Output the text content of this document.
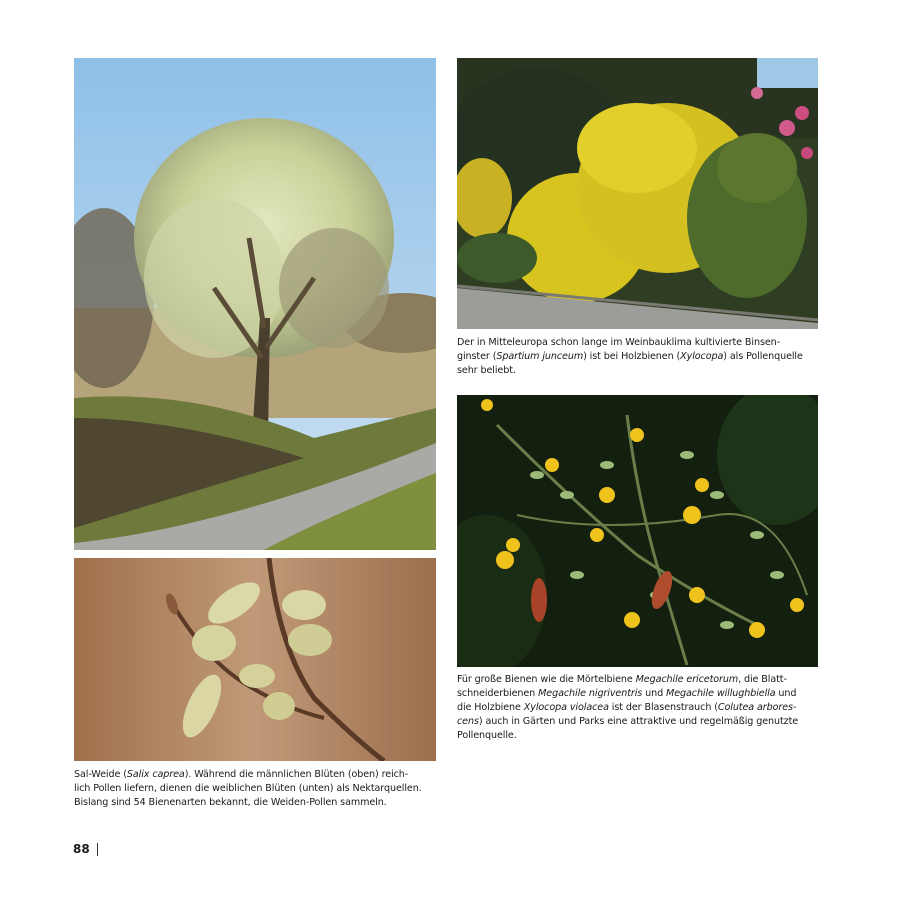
Sal-Weide (Salix caprea). Während die männlichen Blüten (oben) reich-

lich Pollen liefern, dienen die weiblichen Blüten (unten) als Nektarquellen.

Bislang sind 54 Bienenarten bekannt, die Weiden-Pollen sammeln.

Der in Mitteleuropa schon lange im Weinbauklima kultivierte Binsen-

ginster (Spartium junceum) ist bei Holzbienen (Xylocopa) als Pollenquelle

sehr beliebt.

Für große Bienen wie die Mörtelbiene Megachile ericetorum, die Blatt-

schneiderbienen Megachile nigriventris und Megachile willughbiella und

die Holzbiene Xylocopa violacea ist der Blasenstrauch (Colutea arbores-

cens) auch in Gärten und Parks eine attraktive und regelmäßig genutzte

Pollenquelle.

88
